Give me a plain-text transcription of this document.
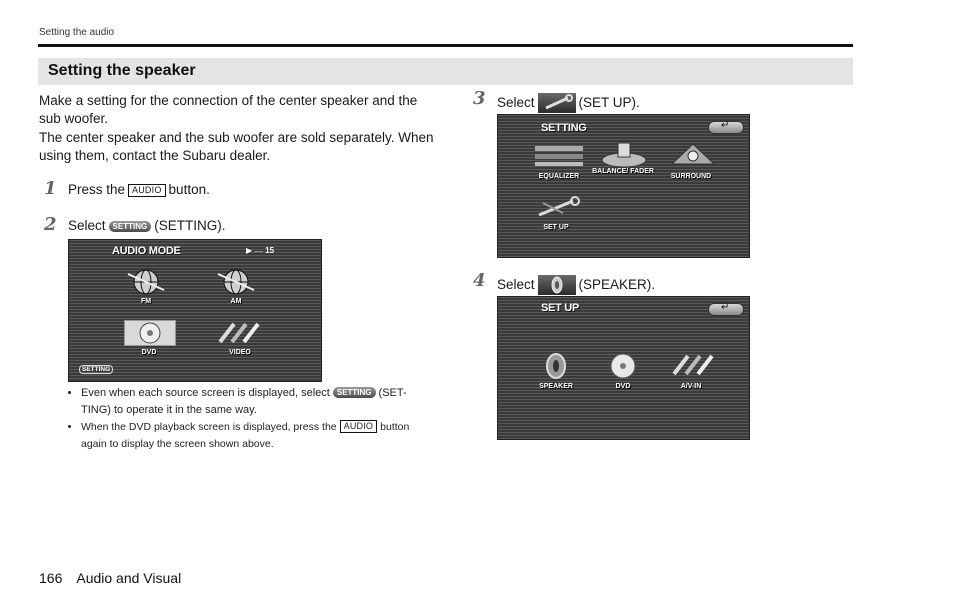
Setting the audio
Setting the speaker

Make a setting for the connection of the center speaker and the sub woofer.

The center speaker and the sub woofer are sold separately. When using them, contact the Subaru dealer.

1 Press the AUDIO button.
2 Select SETTING (SETTING).
AUDIO MODE	▶ ── 15
FM	AM
DVD	VIDEO
SETTING
• Even when each source screen is displayed, select SETTING (SET-TING) to operate it in the same way.
• When the DVD playback screen is displayed, press the AUDIO button again to display the screen shown above.
3 Select	(SET UP).
SETTING
↵
EQUALIZER
BALANCE/ FADER
SURROUND
SET UP
4 Select	(SPEAKER).
SET UP
↵
SPEAKER	DVD	A/V-IN
166 Audio and Visual
